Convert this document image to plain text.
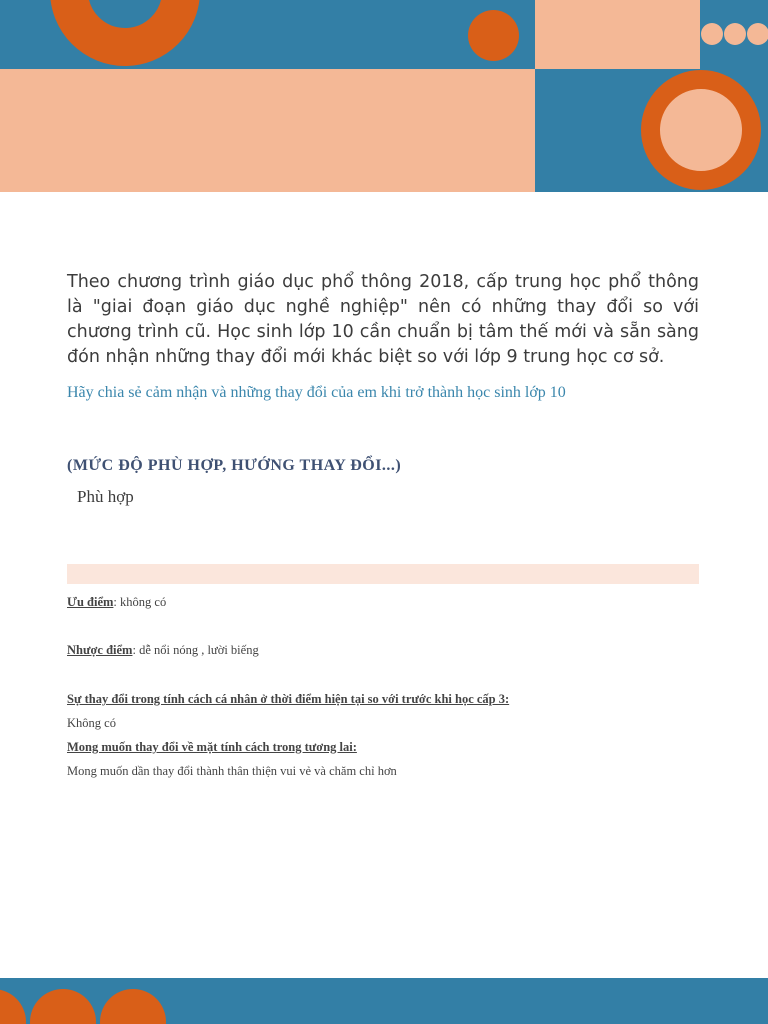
Theo chương trình giáo dục phổ thông 2018, cấp trung học phổ thông là "giai đoạn giáo dục nghề nghiệp" nên có những thay đổi so với chương trình cũ. Học sinh lớp 10 cần chuẩn bị tâm thế mới và sẵn sàng đón nhận những thay đổi mới khác biệt so với lớp 9 trung học cơ sở.

Hãy chia sẻ cảm nhận và những thay đổi của em khi trở thành học sinh lớp 10

(MỨC ĐỘ PHÙ HỢP, HƯỚNG THAY ĐỔI...)

Phù hợp

Ưu điểm: không có

Nhược điểm: dễ nổi nóng , lười biếng

Sự thay đổi trong tính cách cá nhân ở thời điểm hiện tại so với trước khi học cấp 3:

Không có

Mong muốn thay đổi về mặt tính cách trong tương lai:

Mong muốn dần thay đổi thành thân thiện vui vẻ và chăm chỉ hơn
